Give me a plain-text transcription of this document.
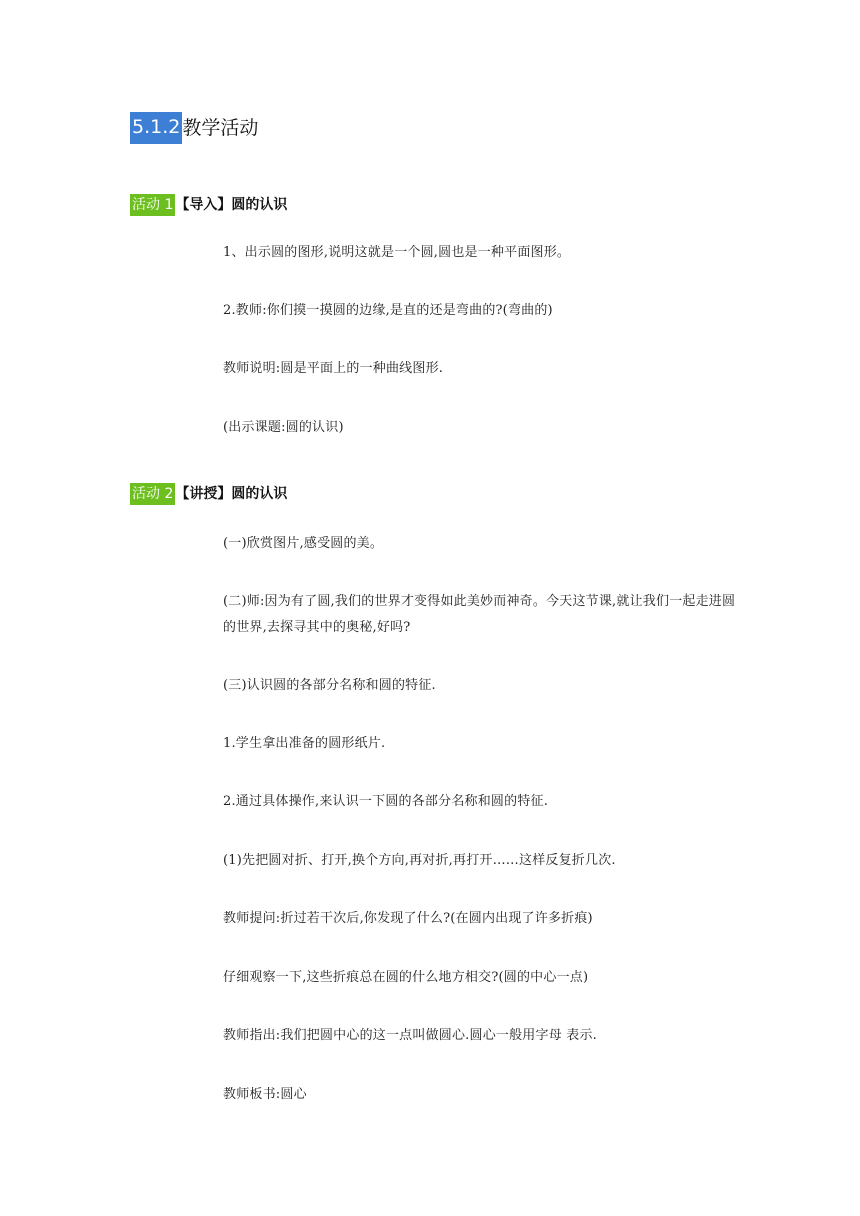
5.1.2 教学活动
活动 1 【导入】圆的认识

1、出示圆的图形,说明这就是一个圆,圆也是一种平面图形。

2.教师:你们摸一摸圆的边缘,是直的还是弯曲的?(弯曲的)

教师说明:圆是平面上的一种曲线图形.

(出示课题:圆的认识)

活动 2 【讲授】圆的认识

(一)欣赏图片,感受圆的美。

(二)师:因为有了圆,我们的世界才变得如此美妙而神奇。今天这节课,就让我们一起走进圆的世界,去探寻其中的奥秘,好吗?

(三)认识圆的各部分名称和圆的特征.

1.学生拿出准备的圆形纸片.

2.通过具体操作,来认识一下圆的各部分名称和圆的特征.

(1)先把圆对折、打开,换个方向,再对折,再打开……这样反复折几次.

教师提问:折过若干次后,你发现了什么?(在圆内出现了许多折痕)

仔细观察一下,这些折痕总在圆的什么地方相交?(圆的中心一点)

教师指出:我们把圆中心的这一点叫做圆心.圆心一般用字母 表示.

教师板书:圆心
